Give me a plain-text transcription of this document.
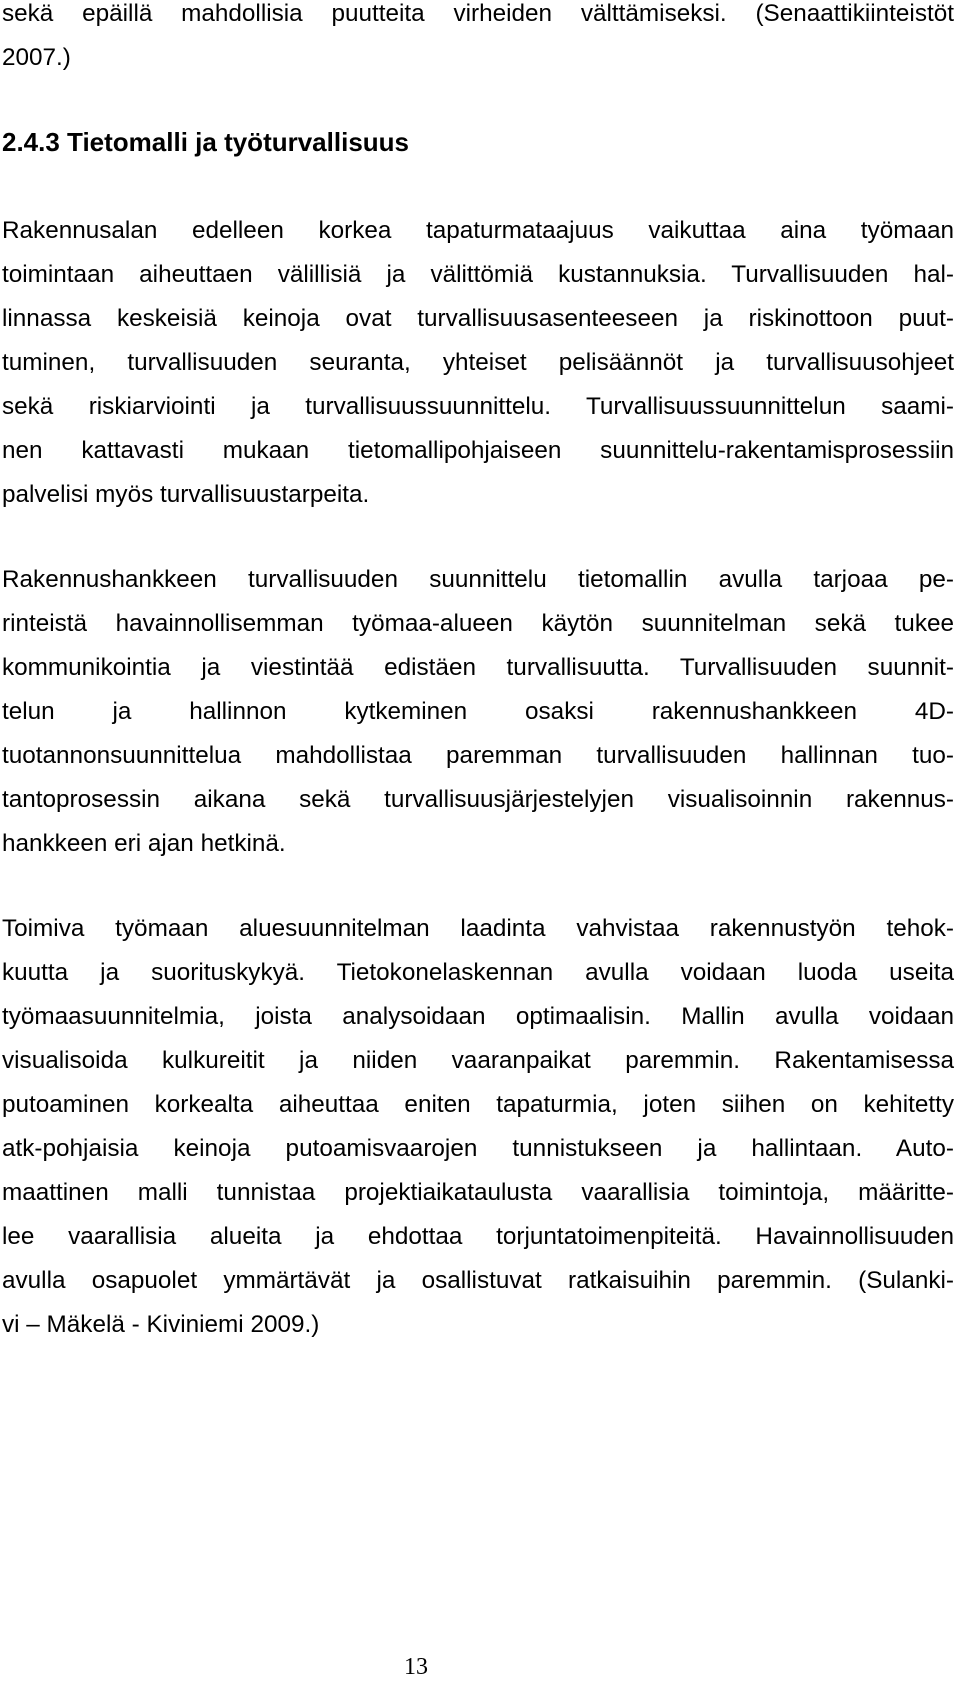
sekä epäillä mahdollisia puutteita virheiden välttämiseksi. (Senaattikiinteistöt
2007.)
2.4.3 Tietomalli ja työturvallisuus
Rakennusalan edelleen korkea tapaturmataajuus vaikuttaa aina työmaan
toimintaan aiheuttaen välillisiä ja välittömiä kustannuksia. Turvallisuuden hal-
linnassa keskeisiä keinoja ovat turvallisuusasenteeseen ja riskinottoon puut-
tuminen, turvallisuuden seuranta, yhteiset pelisäännöt ja turvallisuusohjeet
sekä riskiarviointi ja turvallisuussuunnittelu. Turvallisuussuunnittelun saami-
nen kattavasti mukaan tietomallipohjaiseen suunnittelu-rakentamisprosessiin
palvelisi myös turvallisuustarpeita.
Rakennushankkeen turvallisuuden suunnittelu tietomallin avulla tarjoaa pe-
rinteistä havainnollisemman työmaa-alueen käytön suunnitelman sekä tukee
kommunikointia ja viestintää edistäen turvallisuutta. Turvallisuuden suunnit-
telun ja hallinnon kytkeminen osaksi rakennushankkeen 4D-
tuotannonsuunnittelua mahdollistaa paremman turvallisuuden hallinnan tuo-
tantoprosessin aikana sekä turvallisuusjärjestelyjen visualisoinnin rakennus-
hankkeen eri ajan hetkinä.
Toimiva työmaan aluesuunnitelman laadinta vahvistaa rakennustyön tehok-
kuutta ja suorituskykyä. Tietokonelaskennan avulla voidaan luoda useita
työmaasuunnitelmia, joista analysoidaan optimaalisin. Mallin avulla voidaan
visualisoida kulkureitit ja niiden vaaranpaikat paremmin. Rakentamisessa
putoaminen korkealta aiheuttaa eniten tapaturmia, joten siihen on kehitetty
atk-pohjaisia keinoja putoamisvaarojen tunnistukseen ja hallintaan. Auto-
maattinen malli tunnistaa projektiaikataulusta vaarallisia toimintoja, määritte-
lee vaarallisia alueita ja ehdottaa torjuntatoimenpiteitä. Havainnollisuuden
avulla osapuolet ymmärtävät ja osallistuvat ratkaisuihin paremmin. (Sulanki-
vi – Mäkelä - Kiviniemi 2009.)
13
